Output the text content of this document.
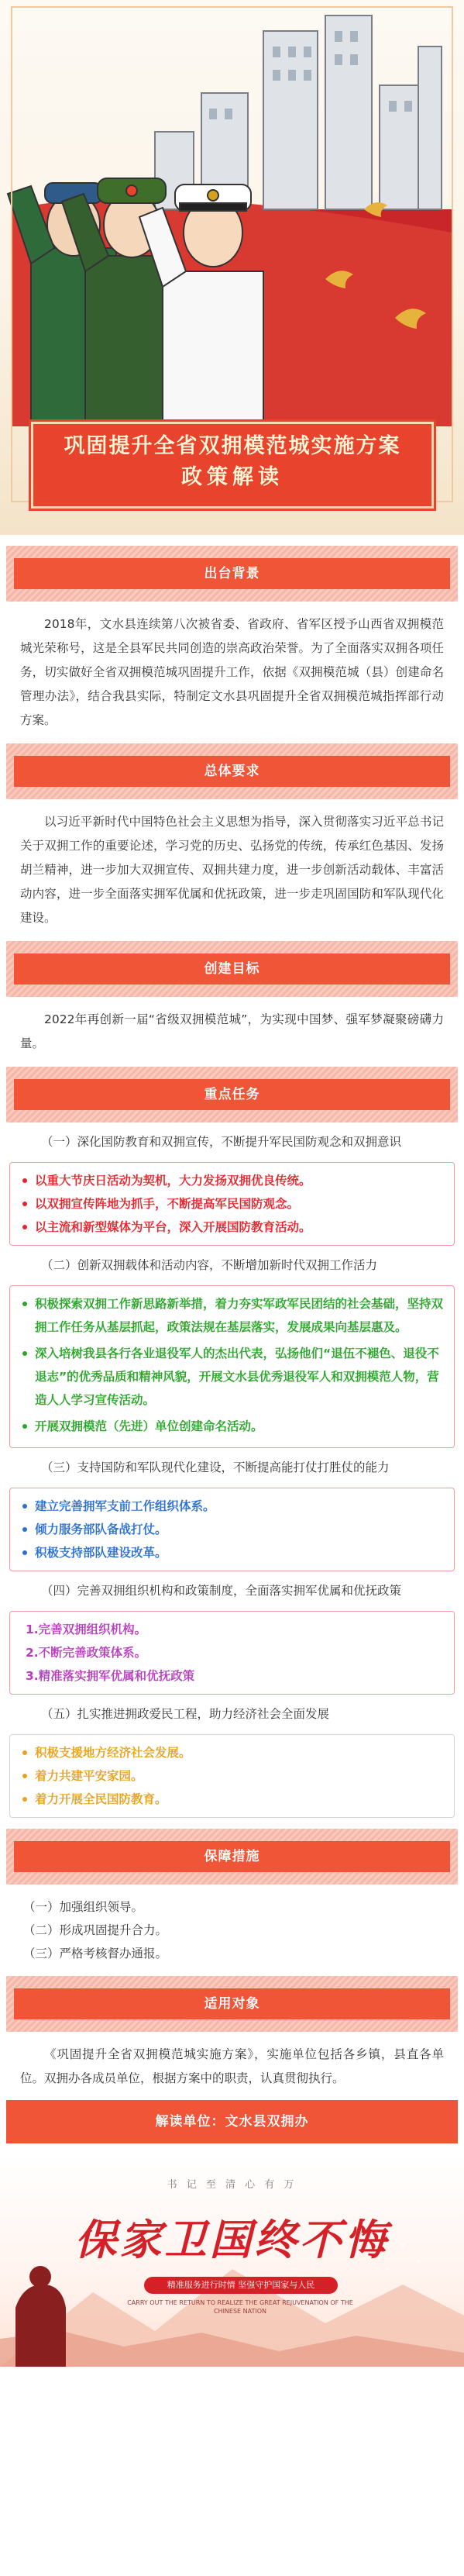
巩固提升全省双拥模范城实施方案
政策解读
出台背景
2018年，文水县连续第八次被省委、省政府、省军区授予山西省双拥模范城光荣称号，这是全县军民共同创造的崇高政治荣誉。为了全面落实双拥各项任务，切实做好全省双拥模范城巩固提升工作，依据《双拥模范城（县）创建命名管理办法》，结合我县实际，特制定文水县巩固提升全省双拥模范城指挥部行动方案。
总体要求
以习近平新时代中国特色社会主义思想为指导，深入贯彻落实习近平总书记关于双拥工作的重要论述，学习党的历史、弘扬党的传统，传承红色基因、发扬胡兰精神，进一步加大双拥宣传、双拥共建力度，进一步创新活动载体、丰富活动内容，进一步全面落实拥军优属和优抚政策，进一步走巩固国防和军队现代化建设。
创建目标
2022年再创新一届“省级双拥模范城”，为实现中国梦、强军梦凝聚磅礴力量。
重点任务
（一）深化国防教育和双拥宣传，不断提升军民国防观念和双拥意识
以重大节庆日活动为契机，大力发扬双拥优良传统。
以双拥宣传阵地为抓手，不断提高军民国防观念。
以主流和新型媒体为平台，深入开展国防教育活动。
（二）创新双拥载体和活动内容，不断增加新时代双拥工作活力
积极探索双拥工作新思路新举措，着力夯实军政军民团结的社会基础，坚持双拥工作任务从基层抓起，政策法规在基层落实，发展成果向基层惠及。
深入培树我县各行各业退役军人的杰出代表，弘扬他们“退伍不褪色、退役不退志”的优秀品质和精神风貌，开展文水县优秀退役军人和双拥模范人物，营造人人学习宣传活动。
开展双拥模范（先进）单位创建命名活动。
（三）支持国防和军队现代化建设，不断提高能打仗打胜仗的能力
建立完善拥军支前工作组织体系。
倾力服务部队备战打仗。
积极支持部队建设改革。
（四）完善双拥组织机构和政策制度，全面落实拥军优属和优抚政策
1.完善双拥组织机构。
2.不断完善政策体系。
3.精准落实拥军优属和优抚政策
（五）扎实推进拥政爱民工程，助力经济社会全面发展
积极支援地方经济社会发展。
着力共建平安家园。
着力开展全民国防教育。
保障措施
（一）加强组织领导。
（二）形成巩固提升合力。
（三）严格考核督办通报。
适用对象
《巩固提升全省双拥模范城实施方案》，实施单位包括各乡镇，县直各单位。双拥办各成员单位，根据方案中的职责，认真贯彻执行。
解读单位：文水县双拥办
书 记 至 清 心 有 万
保家卫国终不悔
精准服务进行时情 坚强守护国家与人民
CARRY OUT THE RETURN TO REALIZE THE GREAT REJUVENATION OF THE CHINESE NATION
